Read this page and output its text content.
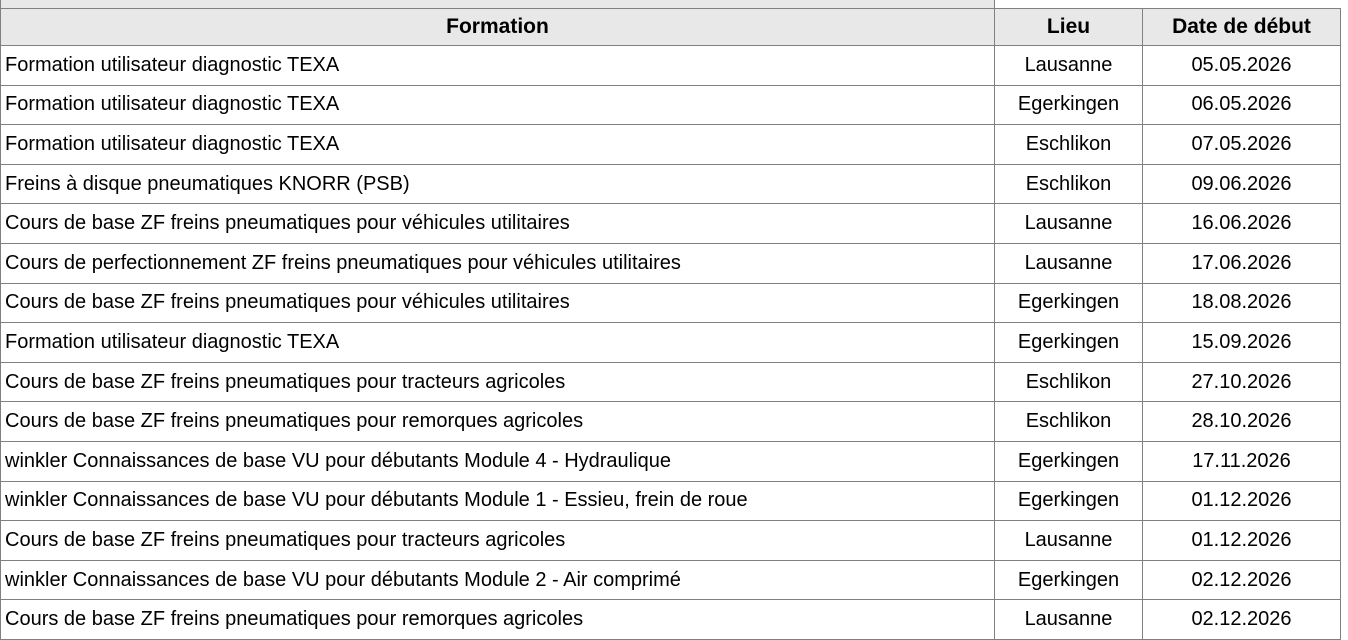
Formation	Lieu	Date de début
Formation utilisateur diagnostic TEXA	Lausanne	05.05.2026
Formation utilisateur diagnostic TEXA	Egerkingen	06.05.2026
Formation utilisateur diagnostic TEXA	Eschlikon	07.05.2026
Freins à disque pneumatiques KNORR (PSB)	Eschlikon	09.06.2026
Cours de base ZF freins pneumatiques pour véhicules utilitaires	Lausanne	16.06.2026
Cours de perfectionnement ZF freins pneumatiques pour véhicules utilitaires	Lausanne	17.06.2026
Cours de base ZF freins pneumatiques pour véhicules utilitaires	Egerkingen	18.08.2026
Formation utilisateur diagnostic TEXA	Egerkingen	15.09.2026
Cours de base ZF freins pneumatiques pour tracteurs agricoles	Eschlikon	27.10.2026
Cours de base ZF freins pneumatiques pour remorques agricoles	Eschlikon	28.10.2026
winkler Connaissances de base VU pour débutants Module 4 - Hydraulique	Egerkingen	17.11.2026
winkler Connaissances de base VU pour débutants Module 1 - Essieu, frein de roue	Egerkingen	01.12.2026
Cours de base ZF freins pneumatiques pour tracteurs agricoles	Lausanne	01.12.2026
winkler Connaissances de base VU pour débutants Module 2 - Air comprimé	Egerkingen	02.12.2026
Cours de base ZF freins pneumatiques pour remorques agricoles	Lausanne	02.12.2026
